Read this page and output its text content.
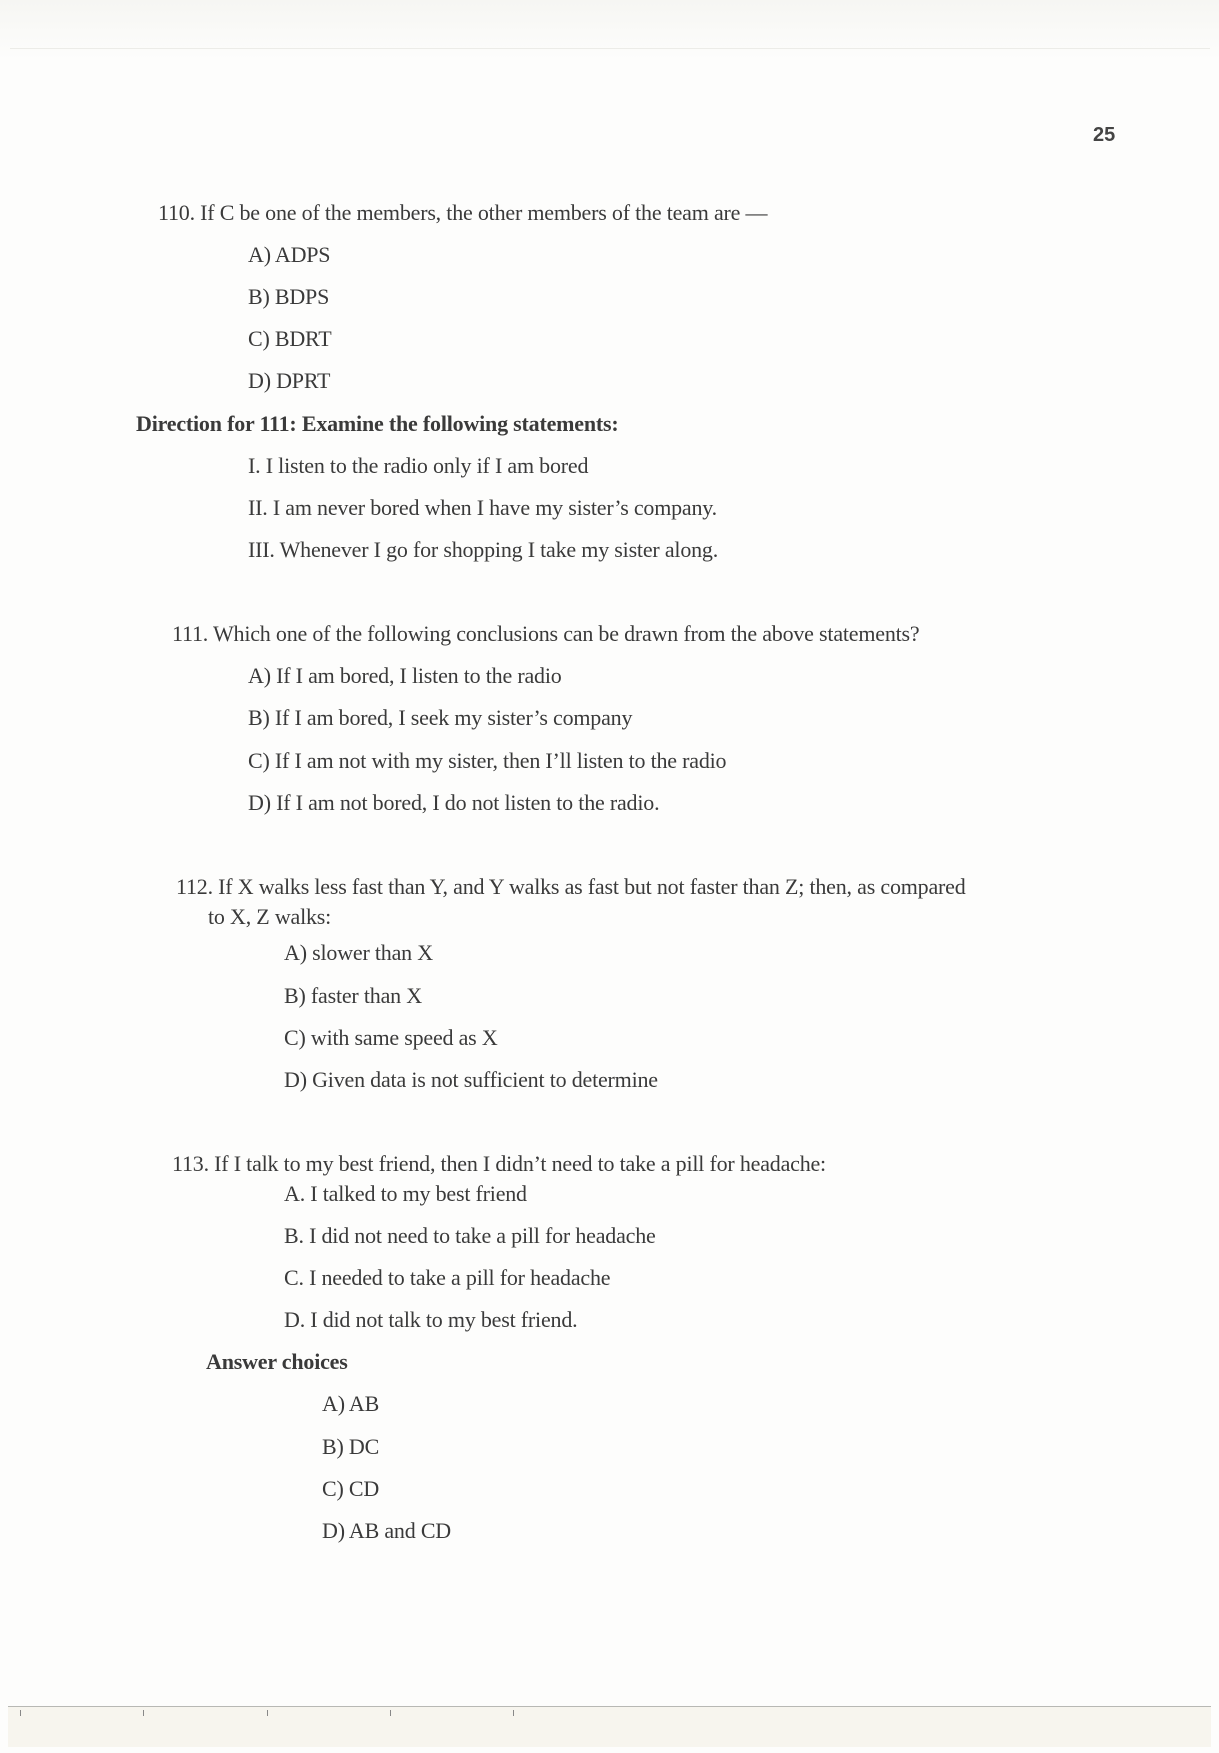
25
110. If C be one of the members, the other members of the team are —
A) ADPS
B) BDPS
C) BDRT
D) DPRT
Direction for 111: Examine the following statements:
I. I listen to the radio only if I am bored
II. I am never bored when I have my sister’s company.
III. Whenever I go for shopping I take my sister along.
111. Which one of the following conclusions can be drawn from the above statements?
A) If I am bored, I listen to the radio
B) If I am bored, I seek my sister’s company
C) If I am not with my sister, then I’ll listen to the radio
D) If I am not bored, I do not listen to the radio.
112. If X walks less fast than Y, and Y walks as fast but not faster than Z; then, as compared
to X, Z walks:
A) slower than X
B) faster than X
C) with same speed as X
D) Given data is not sufficient to determine
113. If I talk to my best friend, then I didn’t need to take a pill for headache:
A. I talked to my best friend
B. I did not need to take a pill for headache
C. I needed to take a pill for headache
D. I did not talk to my best friend.
Answer choices
A) AB
B) DC
C) CD
D) AB and CD
